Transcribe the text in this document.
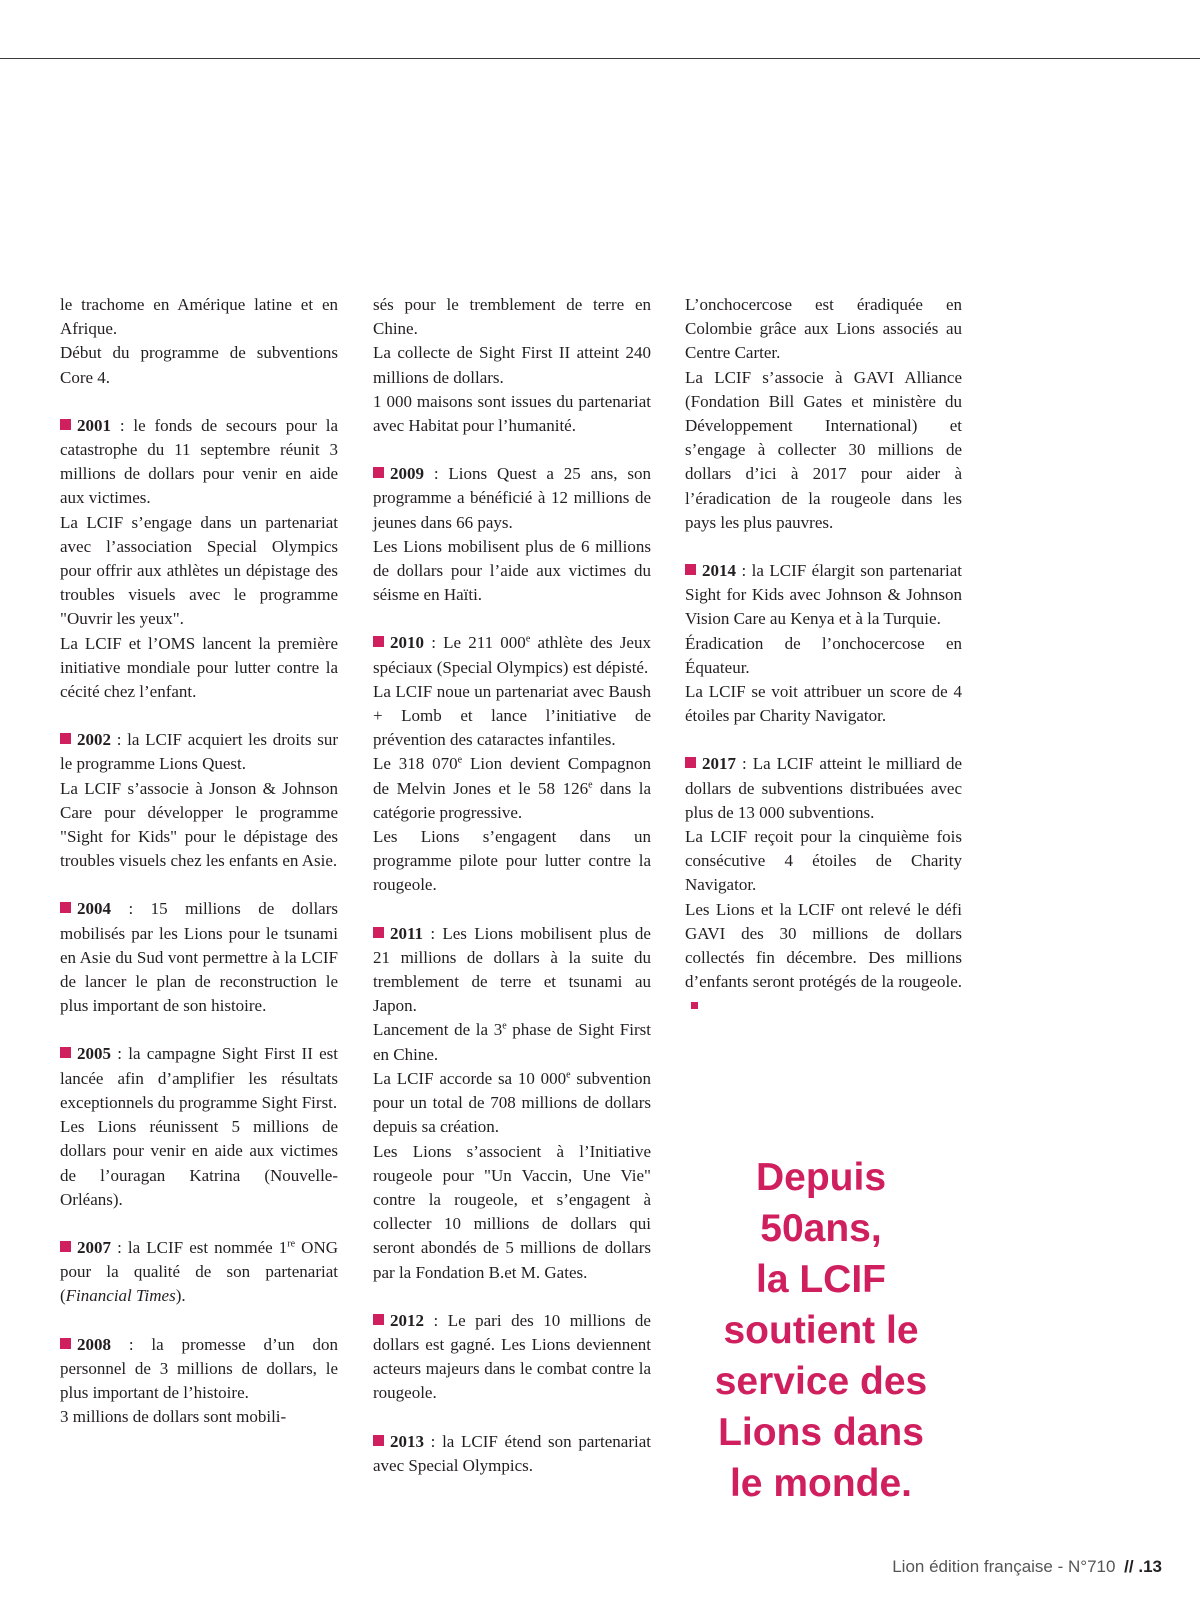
le trachome en Amérique latine et en Afrique.

Début du programme de subventions Core 4.

2001 : le fonds de secours pour la catastrophe du 11 septembre réunit 3 millions de dollars pour venir en aide aux victimes.

La LCIF s’engage dans un partenariat avec l’association Special Olympics pour offrir aux athlètes un dépistage des troubles visuels avec le programme "Ouvrir les yeux".

La LCIF et l’OMS lancent la première initiative mondiale pour lutter contre la cécité chez l’enfant.

2002 : la LCIF acquiert les droits sur le programme Lions Quest.

La LCIF s’associe à Jonson & Johnson Care pour développer le programme "Sight for Kids" pour le dépistage des troubles visuels chez les enfants en Asie.

2004 : 15 millions de dollars mobilisés par les Lions pour le tsunami en Asie du Sud vont permettre à la LCIF de lancer le plan de reconstruction le plus important de son histoire.

2005 : la campagne Sight First II est lancée afin d’amplifier les résultats exceptionnels du programme Sight First.

Les Lions réunissent 5 millions de dollars pour venir en aide aux victimes de l’ouragan Katrina (Nouvelle-Orléans).

2007 : la LCIF est nommée 1re ONG pour la qualité de son partenariat (Financial Times).

2008 : la promesse d’un don personnel de 3 millions de dollars, le plus important de l’histoire.

3 millions de dollars sont mobili-

sés pour le tremblement de terre en Chine.

La collecte de Sight First II atteint 240 millions de dollars.

1 000 maisons sont issues du partenariat avec Habitat pour l’humanité.

2009 : Lions Quest a 25 ans, son programme a bénéficié à 12 millions de jeunes dans 66 pays.

Les Lions mobilisent plus de 6 millions de dollars pour l’aide aux victimes du séisme en Haïti.

2010 : Le 211 000e athlète des Jeux spéciaux (Special Olympics) est dépisté.

La LCIF noue un partenariat avec Baush + Lomb et lance l’initiative de prévention des cataractes infantiles.

Le 318 070e Lion devient Compagnon de Melvin Jones et le 58 126e dans la catégorie progressive.

Les Lions s’engagent dans un programme pilote pour lutter contre la rougeole.

2011 : Les Lions mobilisent plus de 21 millions de dollars à la suite du tremblement de terre et tsunami au Japon.

Lancement de la 3e phase de Sight First en Chine.

La LCIF accorde sa 10 000e subvention pour un total de 708 millions de dollars depuis sa création.

Les Lions s’associent à l’Initiative rougeole pour "Un Vaccin, Une Vie" contre la rougeole, et s’engagent à collecter 10 millions de dollars qui seront abondés de 5 millions de dollars par la Fondation B.et M. Gates.

2012 : Le pari des 10 millions de dollars est gagné. Les Lions deviennent acteurs majeurs dans le combat contre la rougeole.

2013 : la LCIF étend son partenariat avec Special Olympics.

L’onchocercose est éradiquée en Colombie grâce aux Lions associés au Centre Carter.

La LCIF s’associe à GAVI Alliance (Fondation Bill Gates et ministère du Développement International) et s’engage à collecter 30 millions de dollars d’ici à 2017 pour aider à l’éradication de la rougeole dans les pays les plus pauvres.

2014 : la LCIF élargit son partenariat Sight for Kids avec Johnson & Johnson Vision Care au Kenya et à la Turquie.

Éradication de l’onchocercose en Équateur.

La LCIF se voit attribuer un score de 4 étoiles par Charity Navigator.

2017 : La LCIF atteint le milliard de dollars de subventions distribuées avec plus de 13 000 subventions.

La LCIF reçoit pour la cinquième fois consécutive 4 étoiles de Charity Navigator.

Les Lions et la LCIF ont relevé le défi GAVI des 30 millions de dollars collectés fin décembre. Des millions d’enfants seront protégés de la rougeole.

Depuis
50ans,
la LCIF
soutient le
service des
Lions dans
le monde.
Lion édition française - N°710 // .13
